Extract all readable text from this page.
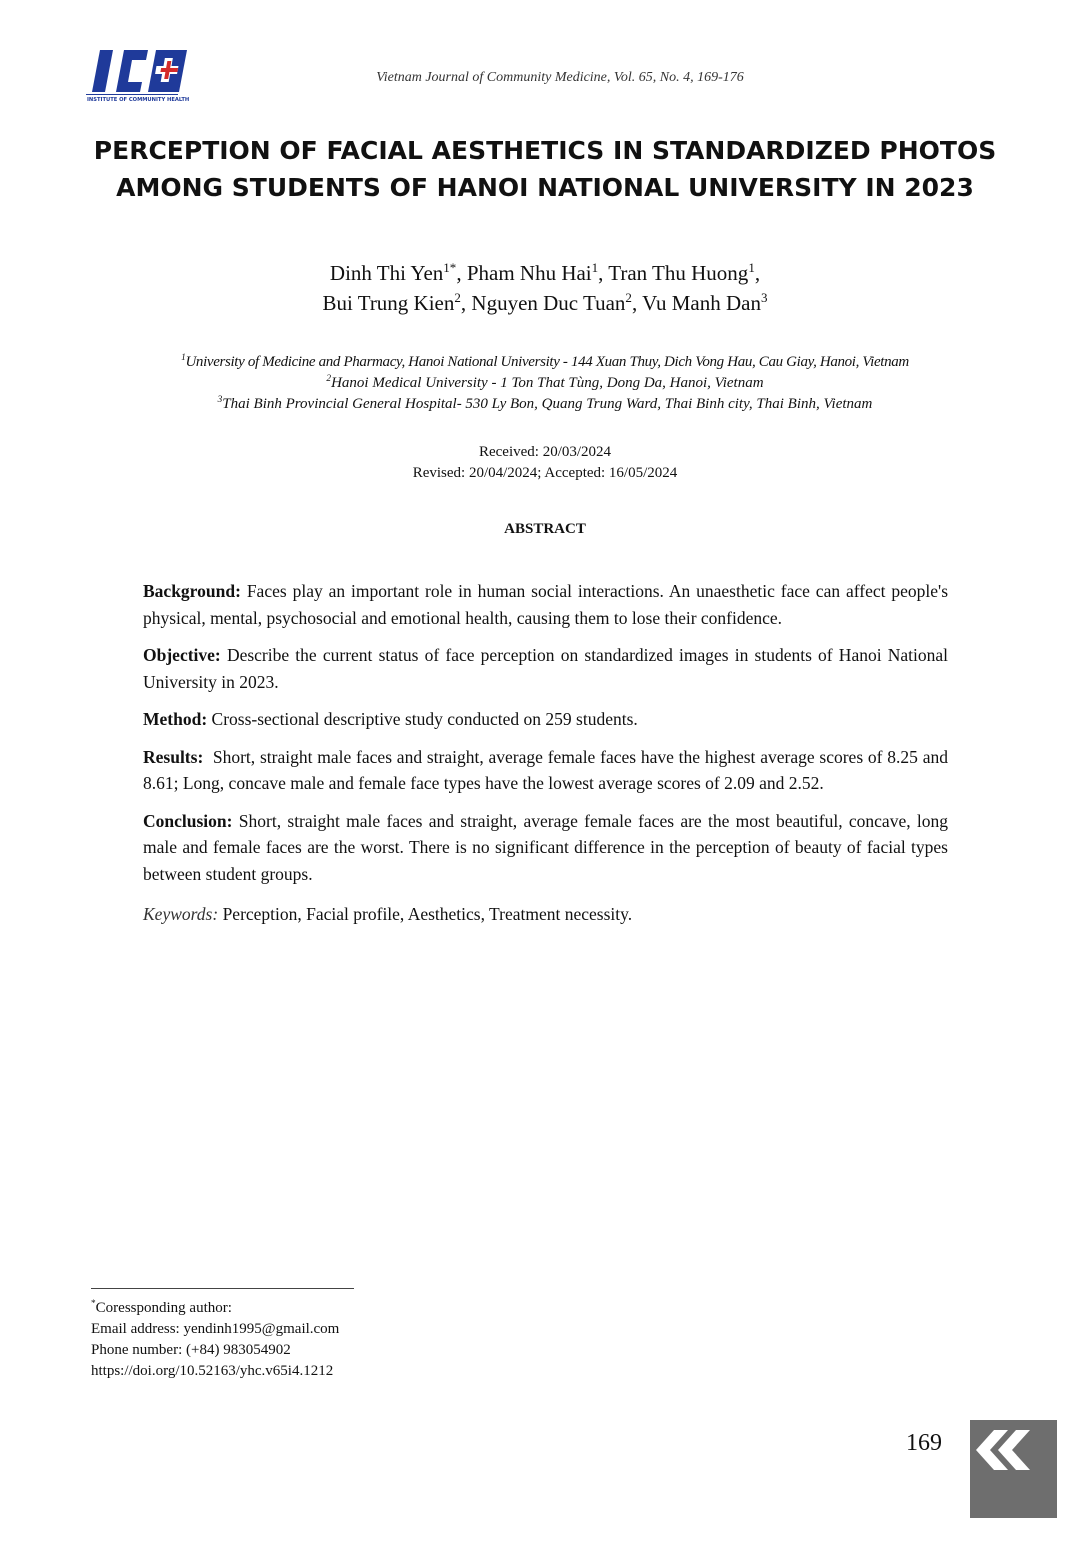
INSTITUTE OF COMMUNITY HEALTH
Vietnam Journal of Community Medicine, Vol. 65, No. 4, 169-176
PERCEPTION OF FACIAL AESTHETICS IN STANDARDIZED PHOTOS
AMONG STUDENTS OF HANOI NATIONAL UNIVERSITY IN 2023
Dinh Thi Yen$^{1*}$, Pham Nhu Hai$^1$, Tran Thu Huong$^1$,
Bui Trung Kien$^2$, Nguyen Duc Tuan$^2$, Vu Manh Dan$^3$
$^1$University of Medicine and Pharmacy, Hanoi National University - 144 Xuan Thuy, Dich Vong Hau, Cau Giay, Hanoi, Vietnam
$^2$Hanoi Medical University - 1 Ton That Tùng, Dong Da, Hanoi, Vietnam
$^3$Thai Binh Provincial General Hospital- 530 Ly Bon, Quang Trung Ward, Thai Binh city, Thai Binh, Vietnam
Received: 20/03/2024
Revised: 20/04/2024; Accepted: 16/05/2024
ABSTRACT

Background: Faces play an important role in human social interactions. An unaesthetic face can affect people's physical, mental, psychosocial and emotional health, causing them to lose their confidence.

Objective: Describe the current status of face perception on standardized images in students of Hanoi National University in 2023.

Method: Cross-sectional descriptive study conducted on 259 students.

Results: Short, straight male faces and straight, average female faces have the highest average scores of 8.25 and 8.61; Long, concave male and female face types have the lowest average scores of 2.09 and 2.52.

Conclusion: Short, straight male faces and straight, average female faces are the most beautiful, concave, long male and female faces are the worst. There is no significant difference in the perception of beauty of facial types between student groups.

Keywords: Perception, Facial profile, Aesthetics, Treatment necessity.

*Coressponding author:
Email address: yendinh1995@gmail.com
Phone number: (+84) 983054902
https://doi.org/10.52163/yhc.v65i4.1212
169
